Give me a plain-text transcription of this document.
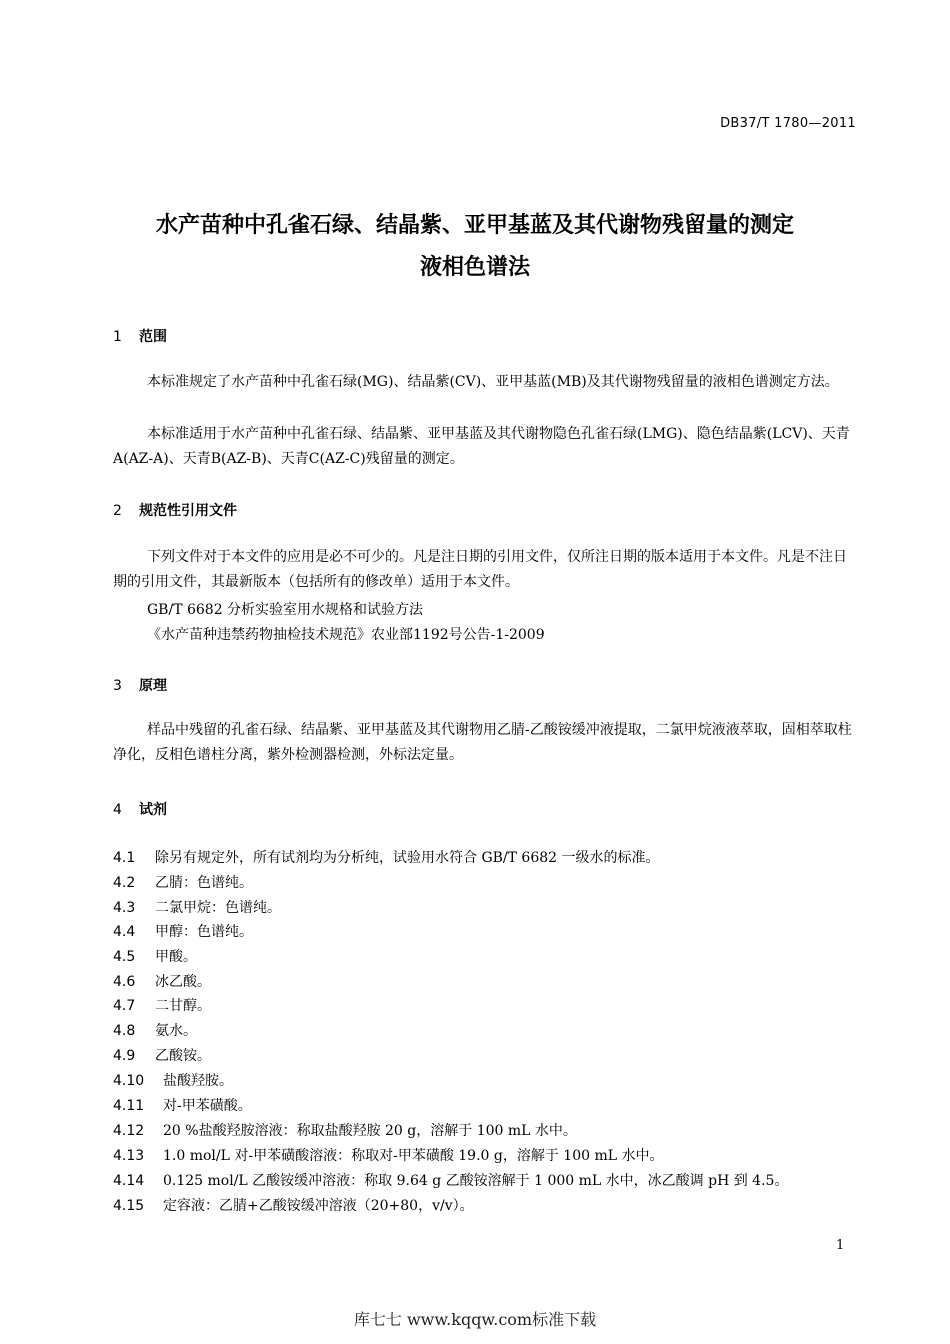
DB37/T 1780—2011
水产苗种中孔雀石绿、结晶紫、亚甲基蓝及其代谢物残留量的测定
液相色谱法
1 范围
本标准规定了水产苗种中孔雀石绿(MG)、结晶紫(CV)、亚甲基蓝(MB)及其代谢物残留量的液相色谱测定方法。
本标准适用于水产苗种中孔雀石绿、结晶紫、亚甲基蓝及其代谢物隐色孔雀石绿(LMG)、隐色结晶紫(LCV)、天青A(AZ-A)、天青B(AZ-B)、天青C(AZ-C)残留量的测定。
2 规范性引用文件
下列文件对于本文件的应用是必不可少的。凡是注日期的引用文件，仅所注日期的版本适用于本文件。凡是不注日期的引用文件，其最新版本（包括所有的修改单）适用于本文件。
GB/T 6682 分析实验室用水规格和试验方法
《水产苗种违禁药物抽检技术规范》农业部1192号公告-1-2009
3 原理
样品中残留的孔雀石绿、结晶紫、亚甲基蓝及其代谢物用乙腈-乙酸铵缓冲液提取，二氯甲烷液液萃取，固相萃取柱净化，反相色谱柱分离，紫外检测器检测，外标法定量。
4 试剂
4.1 除另有规定外，所有试剂均为分析纯，试验用水符合 GB/T 6682 一级水的标准。
4.2 乙腈：色谱纯。
4.3 二氯甲烷：色谱纯。
4.4 甲醇：色谱纯。
4.5 甲酸。
4.6 冰乙酸。
4.7 二甘醇。
4.8 氨水。
4.9 乙酸铵。
4.10 盐酸羟胺。
4.11 对-甲苯磺酸。
4.12 20 %盐酸羟胺溶液：称取盐酸羟胺 20 g，溶解于 100 mL 水中。
4.13 1.0 mol/L 对-甲苯磺酸溶液：称取对-甲苯磺酸 19.0 g，溶解于 100 mL 水中。
4.14 0.125 mol/L 乙酸铵缓冲溶液：称取 9.64 g 乙酸铵溶解于 1 000 mL 水中，冰乙酸调 pH 到 4.5。
4.15 定容液：乙腈+乙酸铵缓冲溶液（20+80，v/v）。
1
库七七 www.kqqw.com标准下载
